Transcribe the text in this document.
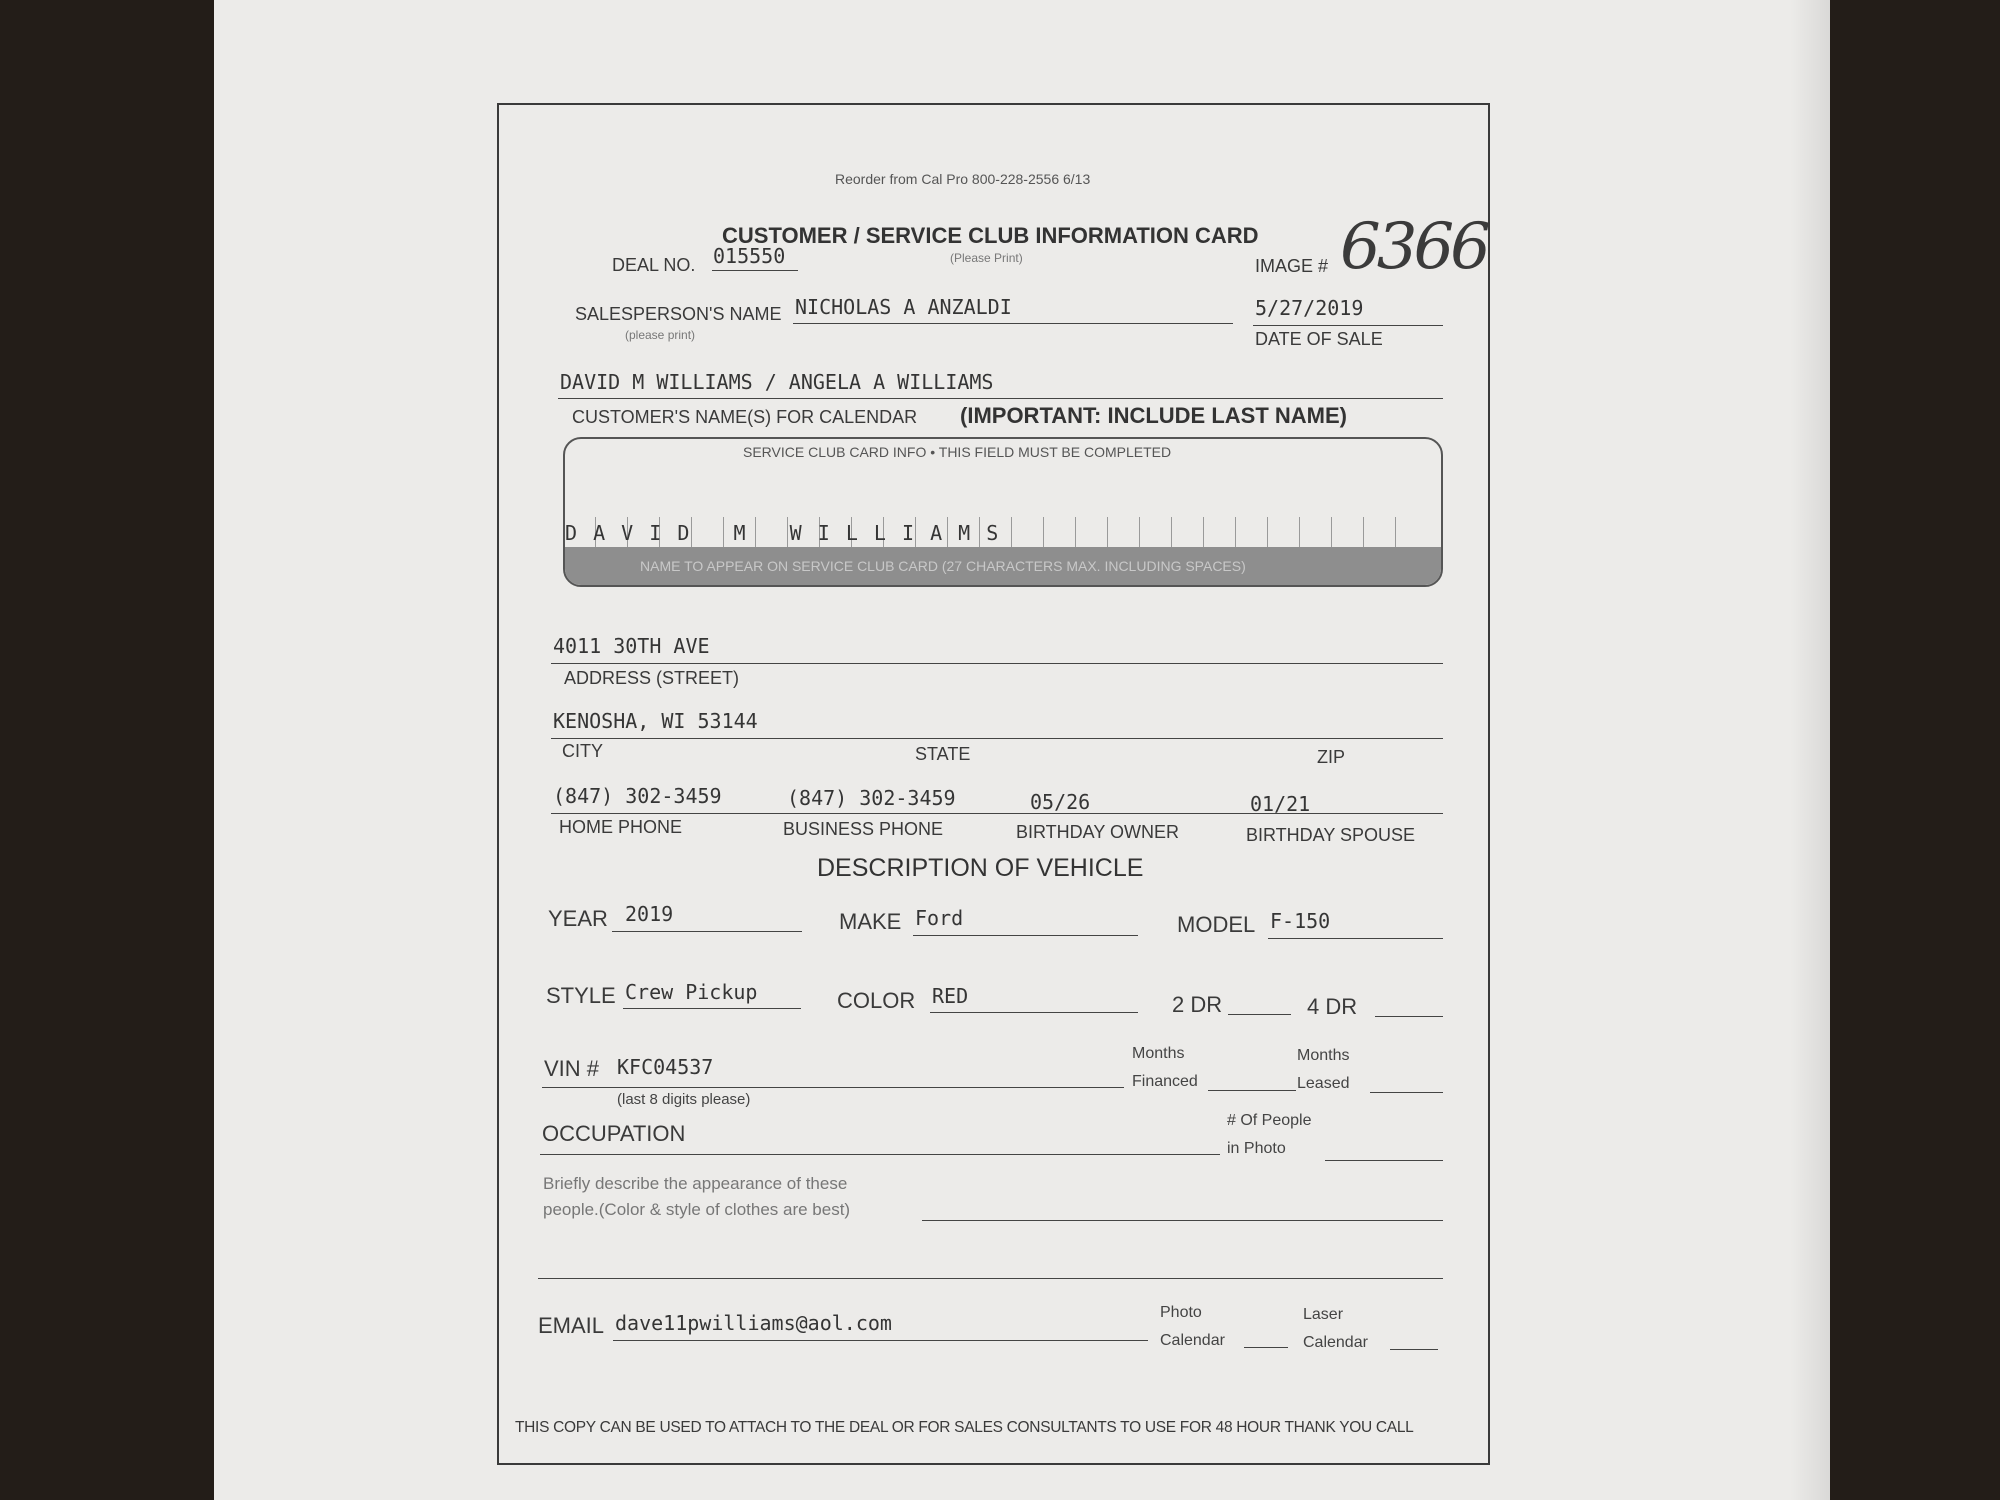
Reorder from Cal Pro 800-228-2556 6/13
CUSTOMER / SERVICE CLUB INFORMATION CARD
DEAL NO. 015550	(Please Print)	IMAGE # 6366
SALESPERSON'S NAME
(please print)
NICHOLAS A ANZALDI	5/27/2019
DATE OF SALE
DAVID M WILLIAMS / ANGELA A WILLIAMS
CUSTOMER'S NAME(S) FOR CALENDAR (IMPORTANT: INCLUDE LAST NAME)
SERVICE CLUB CARD INFO • THIS FIELD MUST BE COMPLETED
D A V I D   M   W I L L I A M S
NAME TO APPEAR ON SERVICE CLUB CARD (27 CHARACTERS MAX. INCLUDING SPACES)
4011 30TH AVE
ADDRESS (STREET)
KENOSHA, WI 53144
CITY	STATE	ZIP
(847) 302-3459	(847) 302-3459	05/26	01/21
HOME PHONE	BUSINESS PHONE	BIRTHDAY OWNER	BIRTHDAY SPOUSE
DESCRIPTION OF VEHICLE
YEAR 2019	MAKE Ford	MODEL F-150
STYLE Crew Pickup	COLOR RED	2 DR	4 DR
VIN # KFC04537
(last 8 digits please)
Months
Financed
Months
Leased
OCCUPATION
# Of People
in Photo
Briefly describe the appearance of these
people.(Color & style of clothes are best)
EMAIL dave11pwilliams@aol.com	Photo
Calendar
Laser
Calendar
THIS COPY CAN BE USED TO ATTACH TO THE DEAL OR FOR SALES CONSULTANTS TO USE FOR 48 HOUR THANK YOU CALL
